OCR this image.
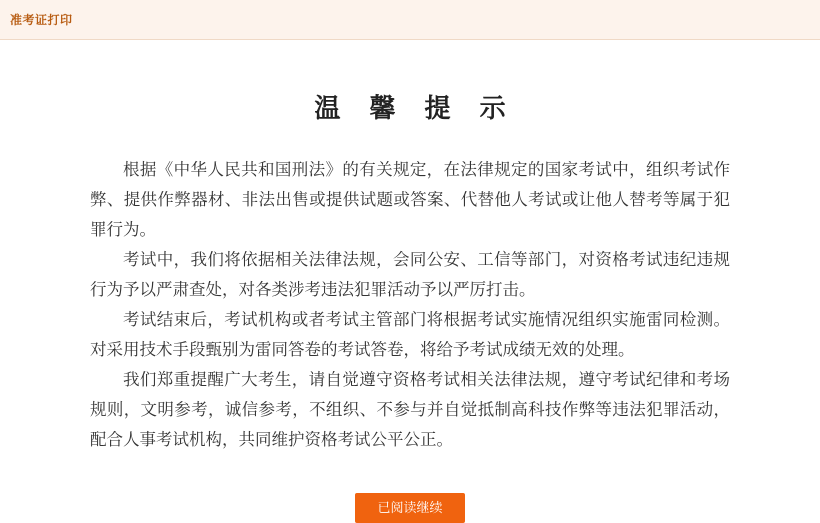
准考证打印
温 馨 提 示

根据《中华人民共和国刑法》的有关规定，在法律规定的国家考试中，组织考试作弊、提供作弊器材、非法出售或提供试题或答案、代替他人考试或让他人替考等属于犯罪行为。

考试中，我们将依据相关法律法规，会同公安、工信等部门，对资格考试违纪违规行为予以严肃查处，对各类涉考违法犯罪活动予以严厉打击。

考试结束后，考试机构或者考试主管部门将根据考试实施情况组织实施雷同检测。对采用技术手段甄别为雷同答卷的考试答卷，将给予考试成绩无效的处理。

我们郑重提醒广大考生，请自觉遵守资格考试相关法律法规，遵守考试纪律和考场规则，文明参考，诚信参考，不组织、不参与并自觉抵制高科技作弊等违法犯罪活动，配合人事考试机构，共同维护资格考试公平公正。

已阅读继续
